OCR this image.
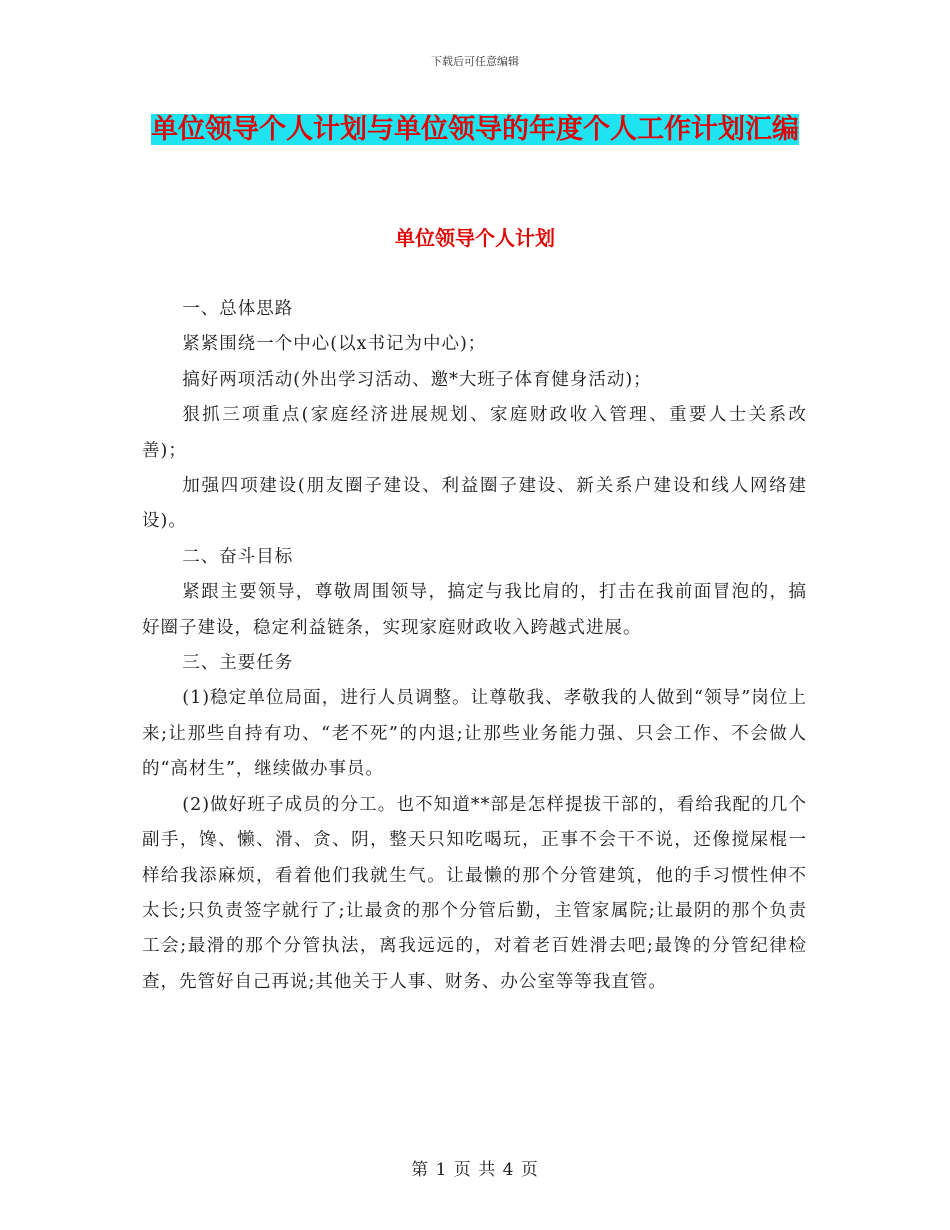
下载后可任意编辑
单位领导个人计划与单位领导的年度个人工作计划汇编
单位领导个人计划

一、总体思路

紧紧围绕一个中心(以x书记为中心)；

搞好两项活动(外出学习活动、邀*大班子体育健身活动)；

狠抓三项重点(家庭经济进展规划、家庭财政收入管理、重要人士关系改善)；

加强四项建设(朋友圈子建设、利益圈子建设、新关系户建设和线人网络建设)。

二、奋斗目标

紧跟主要领导，尊敬周围领导，搞定与我比肩的，打击在我前面冒泡的，搞好圈子建设，稳定利益链条，实现家庭财政收入跨越式进展。

三、主要任务

(1)稳定单位局面，进行人员调整。让尊敬我、孝敬我的人做到“领导”岗位上来;让那些自持有功、“老不死”的内退;让那些业务能力强、只会工作、不会做人的“高材生”，继续做办事员。

(2)做好班子成员的分工。也不知道**部是怎样提拔干部的，看给我配的几个副手，馋、懒、滑、贪、阴，整天只知吃喝玩，正事不会干不说，还像搅屎棍一样给我添麻烦，看着他们我就生气。让最懒的那个分管建筑，他的手习惯性伸不太长;只负责签字就行了;让最贪的那个分管后勤，主管家属院;让最阴的那个负责工会;最滑的那个分管执法，离我远远的，对着老百姓滑去吧;最馋的分管纪律检查，先管好自己再说;其他关于人事、财务、办公室等等我直管。

第 1 页 共 4 页
